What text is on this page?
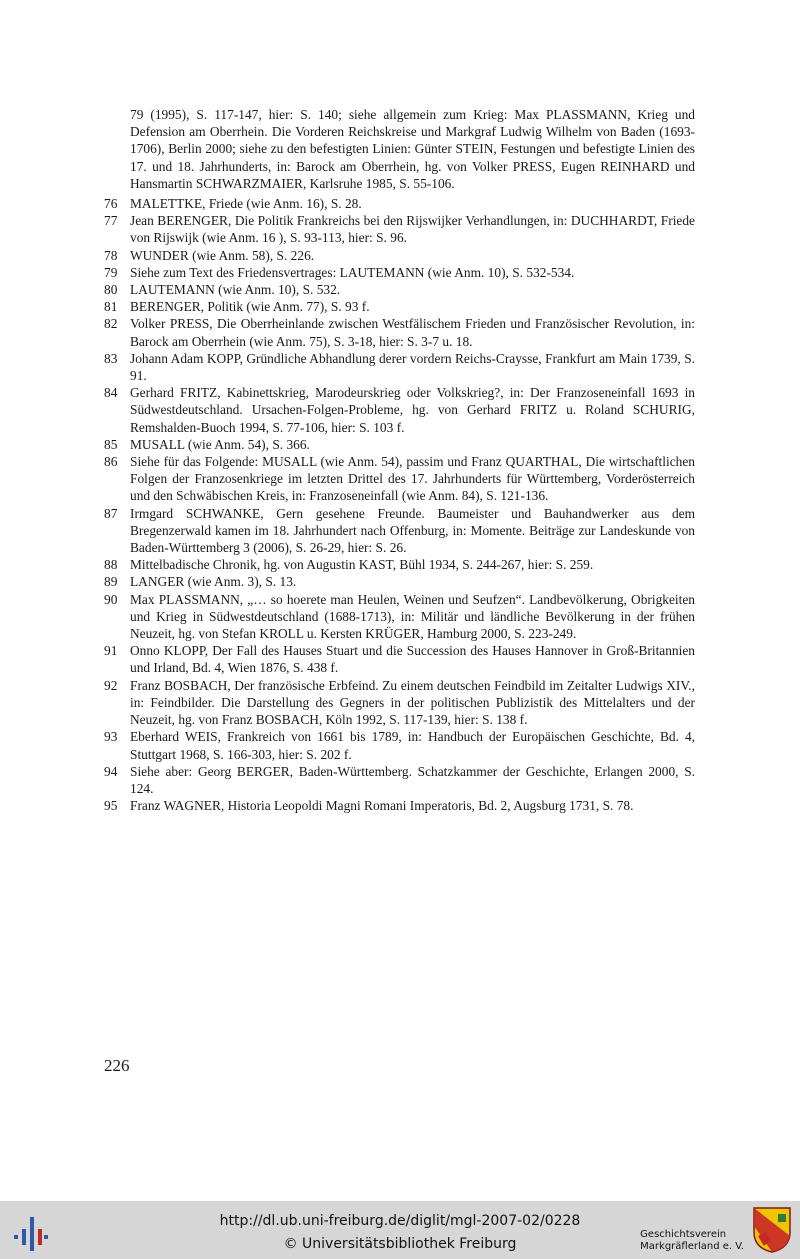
79 (1995), S. 117-147, hier: S. 140; siehe allgemein zum Krieg: Max PLASSMANN, Krieg und Defension am Oberrhein. Die Vorderen Reichskreise und Markgraf Ludwig Wilhelm von Baden (1693-1706), Berlin 2000; siehe zu den befestigten Linien: Günter STEIN, Festungen und befestigte Linien des 17. und 18. Jahrhunderts, in: Barock am Oberrhein, hg. von Volker PRESS, Eugen REINHARD und Hansmartin SCHWARZMAIER, Karlsruhe 1985, S. 55-106.

76 MALETTKE, Friede (wie Anm. 16), S. 28.
77 Jean BERENGER, Die Politik Frankreichs bei den Rijswijker Verhandlungen, in: DUCHHARDT, Friede von Rijswijk (wie Anm. 16 ), S. 93-113, hier: S. 96.
78 WUNDER (wie Anm. 58), S. 226.
79 Siehe zum Text des Friedensvertrages: LAUTEMANN (wie Anm. 10), S. 532-534.
80 LAUTEMANN (wie Anm. 10), S. 532.
81 BERENGER, Politik (wie Anm. 77), S. 93 f.
82 Volker PRESS, Die Oberrheinlande zwischen Westfälischem Frieden und Französischer Revolution, in: Barock am Oberrhein (wie Anm. 75), S. 3-18, hier: S. 3-7 u. 18.
83 Johann Adam KOPP, Gründliche Abhandlung derer vordern Reichs-Craysse, Frankfurt am Main 1739, S. 91.
84 Gerhard FRITZ, Kabinettskrieg, Marodeurskrieg oder Volkskrieg?, in: Der Franzoseneinfall 1693 in Südwestdeutschland. Ursachen-Folgen-Probleme, hg. von Gerhard FRITZ u. Roland SCHURIG, Remshalden-Buoch 1994, S. 77-106, hier: S. 103 f.
85 MUSALL (wie Anm. 54), S. 366.
86 Siehe für das Folgende: MUSALL (wie Anm. 54), passim und Franz QUARTHAL, Die wirtschaftlichen Folgen der Franzosenkriege im letzten Drittel des 17. Jahrhunderts für Württemberg, Vorderösterreich und den Schwäbischen Kreis, in: Franzoseneinfall (wie Anm. 84), S. 121-136.
87 Irmgard SCHWANKE, Gern gesehene Freunde. Baumeister und Bauhandwerker aus dem Bregenzerwald kamen im 18. Jahrhundert nach Offenburg, in: Momente. Beiträge zur Landeskunde von Baden-Württemberg 3 (2006), S. 26-29, hier: S. 26.
88 Mittelbadische Chronik, hg. von Augustin KAST, Bühl 1934, S. 244-267, hier: S. 259.
89 LANGER (wie Anm. 3), S. 13.
90 Max PLASSMANN, „… so hoerete man Heulen, Weinen und Seufzen“. Landbevölkerung, Obrigkeiten und Krieg in Südwestdeutschland (1688-1713), in: Militär und ländliche Bevölkerung in der frühen Neuzeit, hg. von Stefan KROLL u. Kersten KRÜGER, Hamburg 2000, S. 223-249.
91 Onno KLOPP, Der Fall des Hauses Stuart und die Succession des Hauses Hannover in Groß-Britannien und Irland, Bd. 4, Wien 1876, S. 438 f.
92 Franz BOSBACH, Der französische Erbfeind. Zu einem deutschen Feindbild im Zeitalter Ludwigs XIV., in: Feindbilder. Die Darstellung des Gegners in der politischen Publizistik des Mittelalters und der Neuzeit, hg. von Franz BOSBACH, Köln 1992, S. 117-139, hier: S. 138 f.
93 Eberhard WEIS, Frankreich von 1661 bis 1789, in: Handbuch der Europäischen Geschichte, Bd. 4, Stuttgart 1968, S. 166-303, hier: S. 202 f.
94 Siehe aber: Georg BERGER, Baden-Württemberg. Schatzkammer der Geschichte, Erlangen 2000, S. 124.
95 Franz WAGNER, Historia Leopoldi Magni Romani Imperatoris, Bd. 2, Augsburg 1731, S. 78.
226
http://dl.ub.uni-freiburg.de/diglit/mgl-2007-02/0228
© Universitätsbibliothek Freiburg
Geschichtsverein
Markgräflerland e. V.
